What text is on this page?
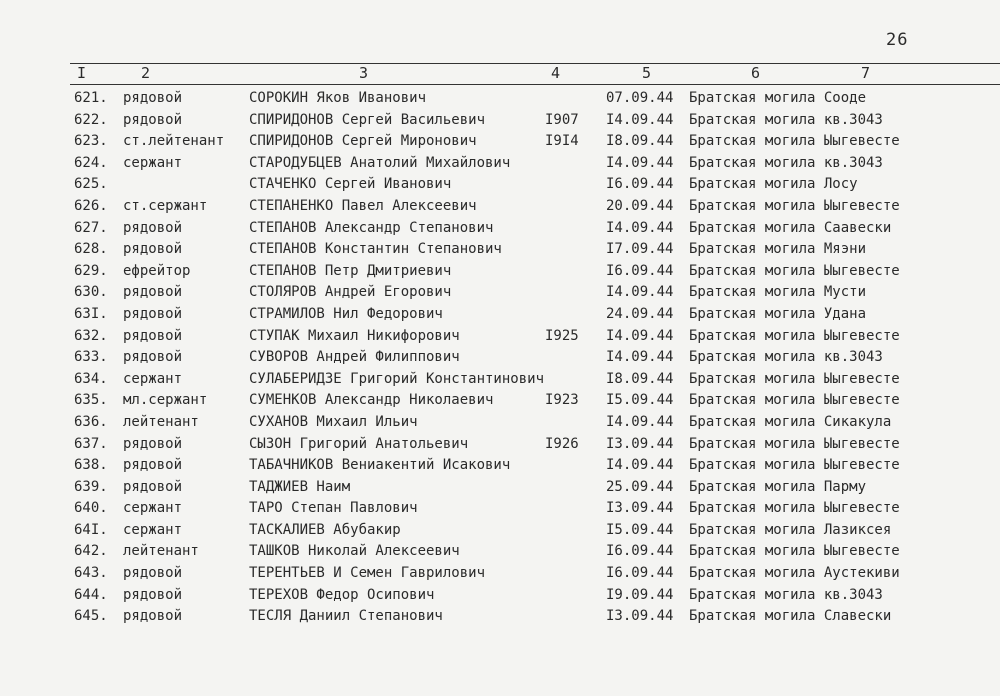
26
I	2	3	4	5	6	7
621. рядовой	СОРОКИН Яков Иванович	07.09.44 Братская могила Сооде
622. рядовой	СПИРИДОНОВ Сергей Васильевич	I907 I4.09.44 Братская могила кв.3043
623. ст.лейтенант СПИРИДОНОВ Сергей Миронович	I9I4 I8.09.44 Братская могила Ыыгевесте
624. сержант	СТАРОДУБЦЕВ Анатолий Михайлович	I4.09.44 Братская могила кв.3043
625.	СТАЧЕНКО Сергей Иванович	I6.09.44 Братская могила Лосу
626. ст.сержант	СТЕПАНЕНКО Павел Алексеевич	20.09.44 Братская могила Ыыгевесте
627. рядовой	СТЕПАНОВ Александр Степанович	I4.09.44 Братская могила Саавески
628. рядовой	СТЕПАНОВ Константин Степанович	I7.09.44 Братская могила Мяэни
629. ефрейтор	СТЕПАНОВ Петр Дмитриевич	I6.09.44 Братская могила Ыыгевесте
630. рядовой	СТОЛЯРОВ Андрей Егорович	I4.09.44 Братская могила Мусти
63I. рядовой	СТРАМИЛОВ Нил Федорович	24.09.44 Братская могила Удана
632. рядовой	СТУПАК Михаил Никифорович	I925 I4.09.44 Братская могила Ыыгевесте
633. рядовой	СУВОРОВ Андрей Филиппович	I4.09.44 Братская могила кв.3043
634. сержант	СУЛАБЕРИДЗЕ Григорий Константинович	I8.09.44 Братская могила Ыыгевесте
635. мл.сержант	СУМЕНКОВ Александр Николаевич	I923 I5.09.44 Братская могила Ыыгевесте
636. лейтенант	СУХАНОВ Михаил Ильич	I4.09.44 Братская могила Сикакула
637. рядовой	СЫЗОН Григорий Анатольевич	I926 I3.09.44 Братская могила Ыыгевесте
638. рядовой	ТАБАЧНИКОВ Вениакентий Исакович	I4.09.44 Братская могила Ыыгевесте
639. рядовой	ТАДЖИЕВ Наим	25.09.44 Братская могила Парму
640. сержант	ТАРО Степан Павлович	I3.09.44 Братская могила Ыыгевесте
64I. сержант	ТАСКАЛИЕВ Абубакир	I5.09.44 Братская могила Лазиксея
642. лейтенант	ТАШКОВ Николай Алексеевич	I6.09.44 Братская могила Ыыгевесте
643. рядовой	ТЕРЕНТЬЕВ И Семен Гаврилович	I6.09.44 Братская могила Аустекиви
644. рядовой	ТЕРЕХОВ Федор Осипович	I9.09.44 Братская могила кв.3043
645. рядовой	ТЕСЛЯ Даниил Степанович	I3.09.44 Братская могила Славески
